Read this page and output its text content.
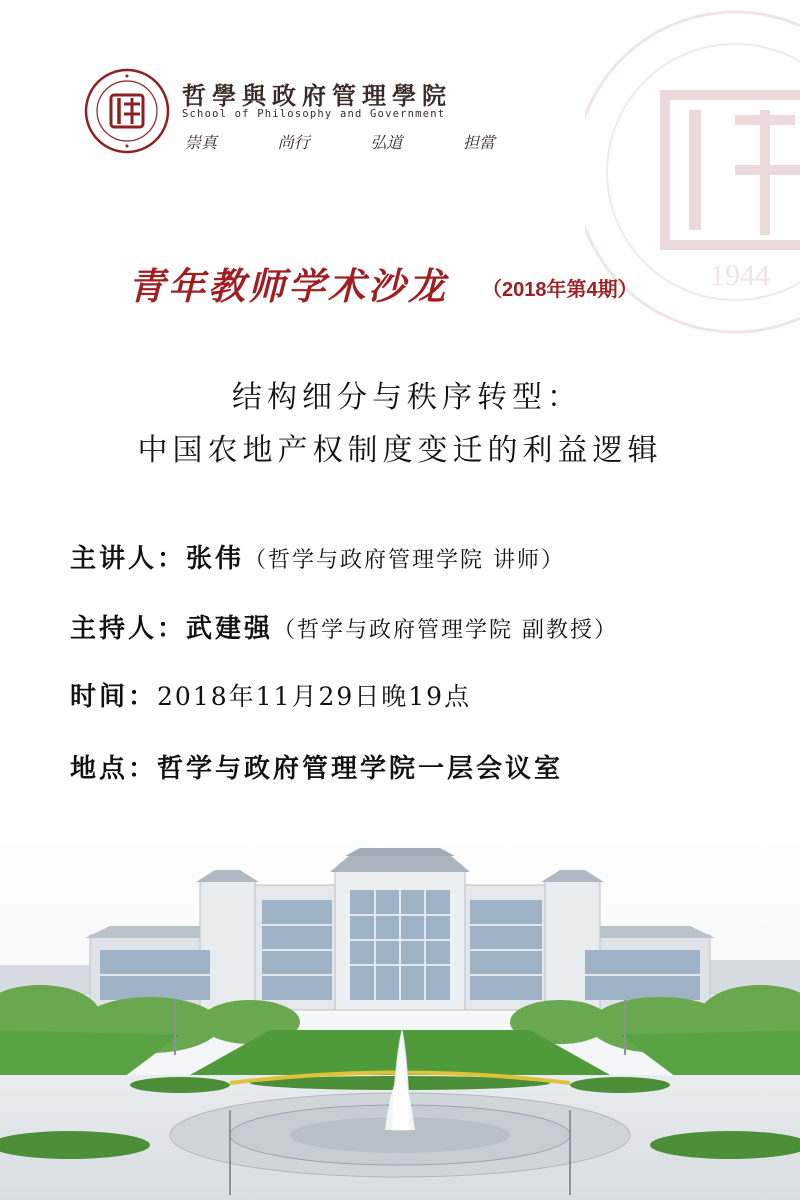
1944
哲學與政府管理學院
School of Philosophy and Government
崇真	尚行	弘道	担當
青年教师学术沙龙 （2018年第4期）
结构细分与秩序转型：
中国农地产权制度变迁的利益逻辑
主讲人：张伟（哲学与政府管理学院 讲师）
主持人：武建强（哲学与政府管理学院 副教授）
时间：2018年11月29日晚19点
地点：哲学与政府管理学院一层会议室
